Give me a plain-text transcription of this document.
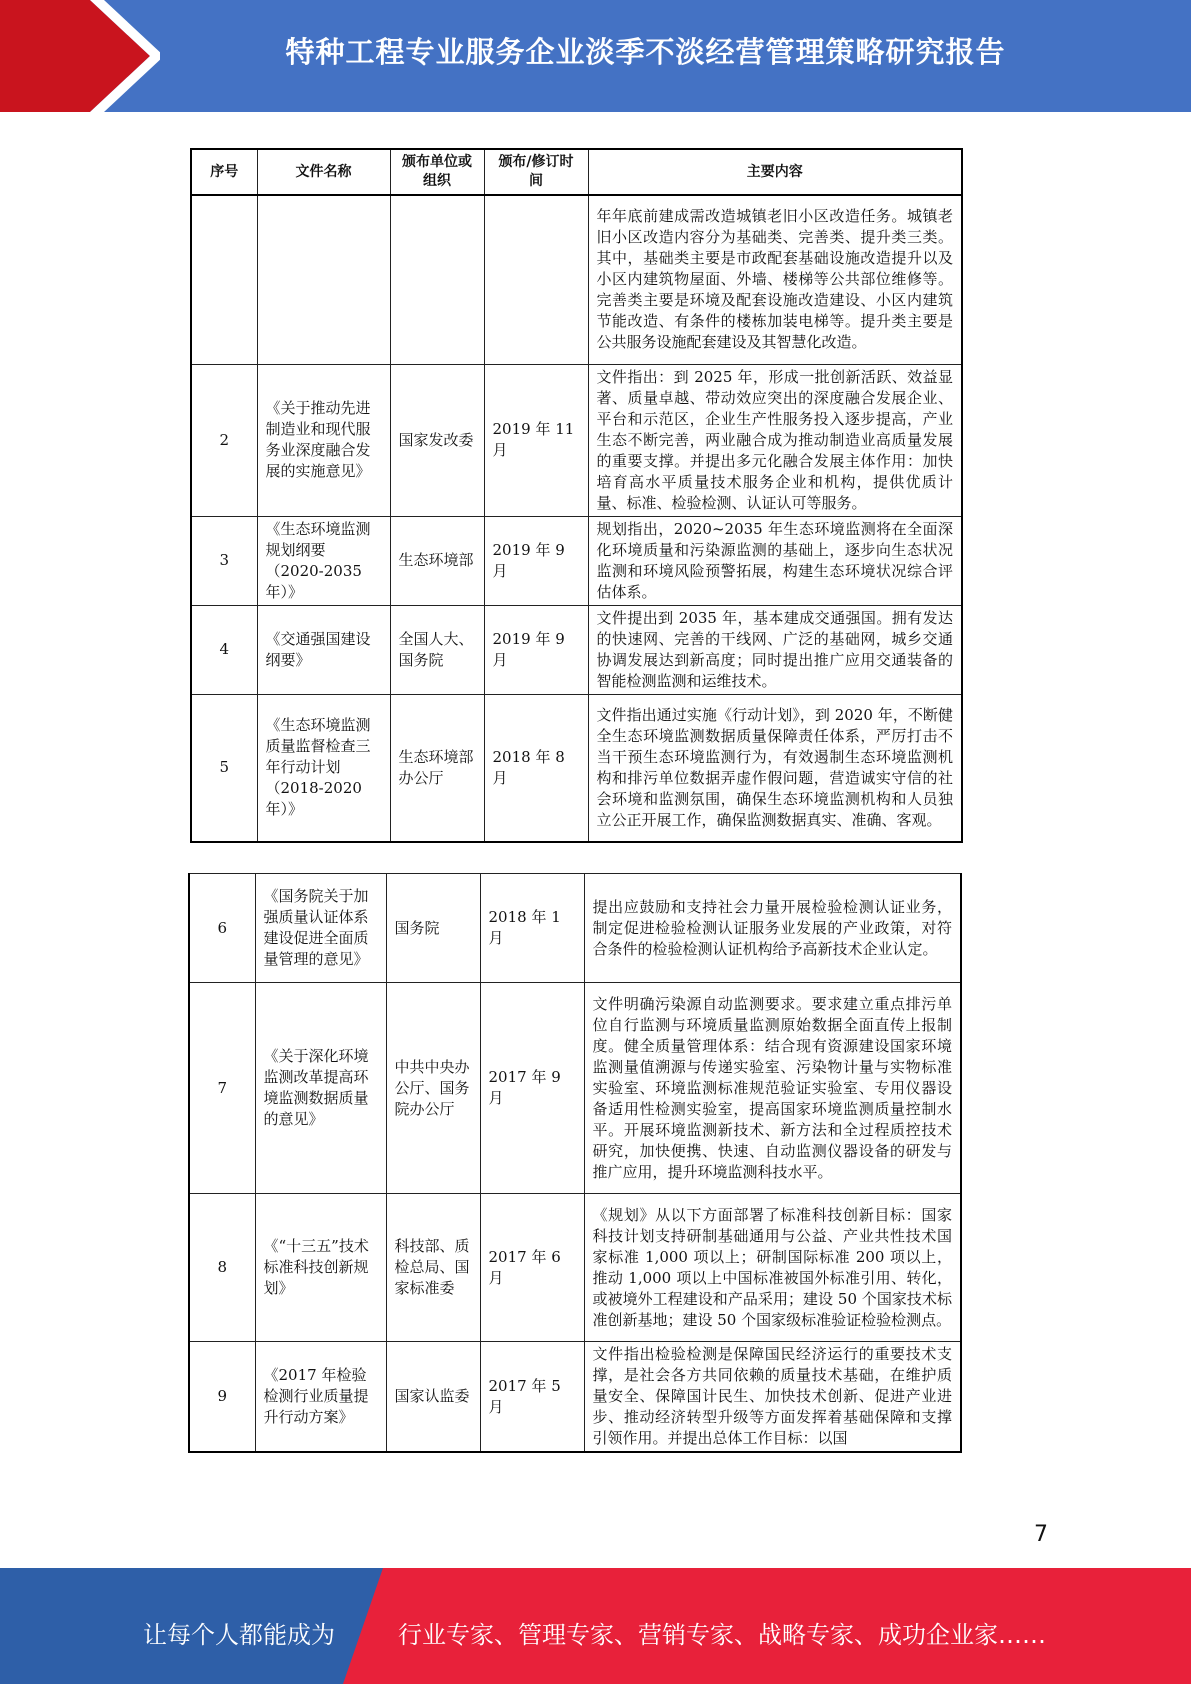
特种工程专业服务企业淡季不淡经营管理策略研究报告
序号	文件名称	颁布单位或组织	颁布/修订时间	主要内容
				年年底前建成需改造城镇老旧小区改造任务。城镇老旧小区改造内容分为基础类、完善类、提升类三类。其中，基础类主要是市政配套基础设施改造提升以及小区内建筑物屋面、外墙、楼梯等公共部位维修等。完善类主要是环境及配套设施改造建设、小区内建筑节能改造、有条件的楼栋加装电梯等。提升类主要是公共服务设施配套建设及其智慧化改造。
2	《关于推动先进制造业和现代服务业深度融合发展的实施意见》	国家发改委	2019 年 11 月	文件指出：到 2025 年，形成一批创新活跃、效益显著、质量卓越、带动效应突出的深度融合发展企业、平台和示范区，企业生产性服务投入逐步提高，产业生态不断完善，两业融合成为推动制造业高质量发展的重要支撑。并提出多元化融合发展主体作用：加快培育高水平质量技术服务企业和机构，提供优质计量、标准、检验检测、认证认可等服务。
3	《生态环境监测规划纲要（2020-2035 年）》	生态环境部	2019 年 9 月	规划指出，2020~2035 年生态环境监测将在全面深化环境质量和污染源监测的基础上，逐步向生态状况监测和环境风险预警拓展，构建生态环境状况综合评估体系。
4	《交通强国建设纲要》	全国人大、国务院	2019 年 9 月	文件提出到 2035 年，基本建成交通强国。拥有发达的快速网、完善的干线网、广泛的基础网，城乡交通协调发展达到新高度；同时提出推广应用交通装备的智能检测监测和运维技术。
5	《生态环境监测质量监督检查三年行动计划（2018-2020 年）》	生态环境部办公厅	2018 年 8 月	文件指出通过实施《行动计划》，到 2020 年，不断健全生态环境监测数据质量保障责任体系，严厉打击不当干预生态环境监测行为，有效遏制生态环境监测机构和排污单位数据弄虚作假问题，营造诚实守信的社会环境和监测氛围，确保生态环境监测机构和人员独立公正开展工作，确保监测数据真实、准确、客观。
6	《国务院关于加强质量认证体系建设促进全面质量管理的意见》	国务院	2018 年 1 月	提出应鼓励和支持社会力量开展检验检测认证业务，制定促进检验检测认证服务业发展的产业政策，对符合条件的检验检测认证机构给予高新技术企业认定。
7	《关于深化环境监测改革提高环境监测数据质量的意见》	中共中央办公厅、国务院办公厅	2017 年 9 月	文件明确污染源自动监测要求。要求建立重点排污单位自行监测与环境质量监测原始数据全面直传上报制度。健全质量管理体系：结合现有资源建设国家环境监测量值溯源与传递实验室、污染物计量与实物标准实验室、环境监测标准规范验证实验室、专用仪器设备适用性检测实验室，提高国家环境监测质量控制水平。开展环境监测新技术、新方法和全过程质控技术研究，加快便携、快速、自动监测仪器设备的研发与推广应用，提升环境监测科技水平。
8	《“十三五”技术标准科技创新规划》	科技部、质检总局、国家标准委	2017 年 6 月	《规划》从以下方面部署了标准科技创新目标：国家科技计划支持研制基础通用与公益、产业共性技术国家标准 1,000 项以上；研制国际标准 200 项以上，推动 1,000 项以上中国标准被国外标准引用、转化，或被境外工程建设和产品采用；建设 50 个国家技术标准创新基地；建设 50 个国家级标准验证检验检测点。
9	《2017 年检验检测行业质量提升行动方案》	国家认监委	2017 年 5 月	文件指出检验检测是保障国民经济运行的重要技术支撑，是社会各方共同依赖的质量技术基础，在维护质量安全、保障国计民生、加快技术创新、促进产业进步、推动经济转型升级等方面发挥着基础保障和支撑引领作用。并提出总体工作目标：以国
7
让每个人都能成为	行业专家、管理专家、营销专家、战略专家、成功企业家……
